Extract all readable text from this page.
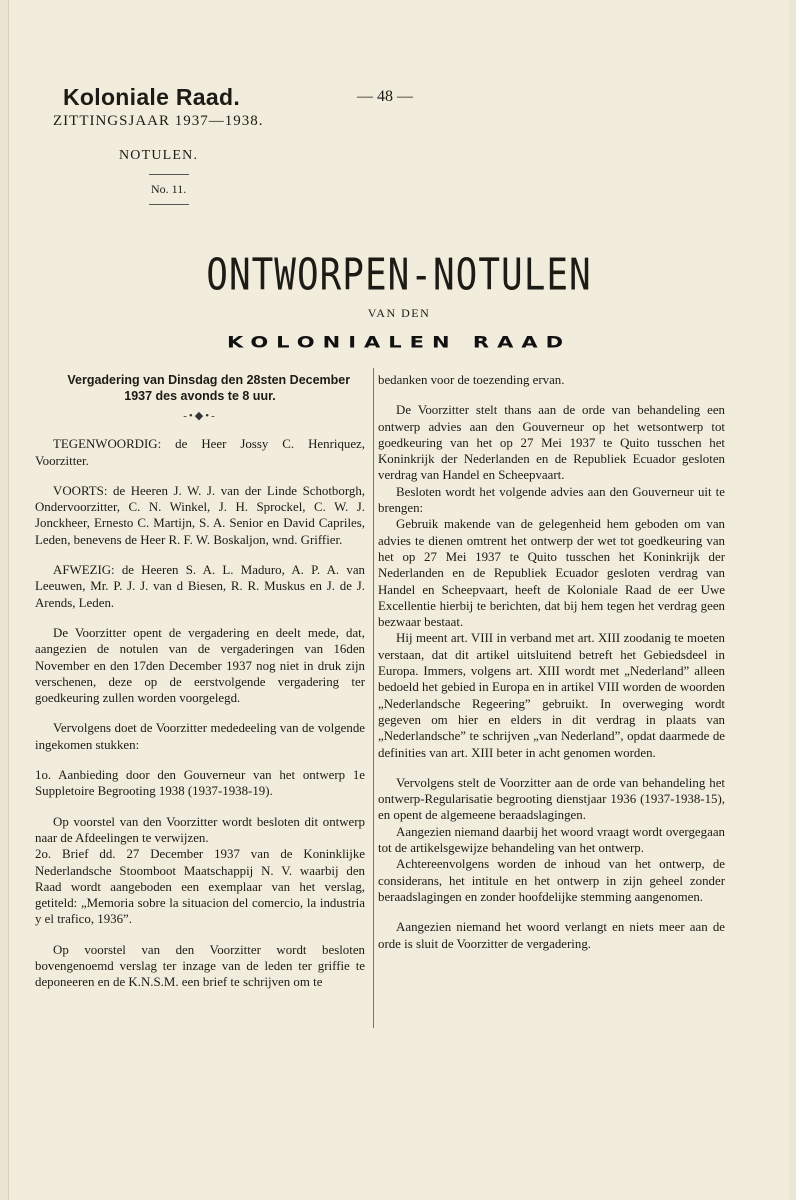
Koloniale Raad.	— 48 —
ZITTINGSJAAR 1937—1938.
NOTULEN.
No. 11.
ONTWORPEN-NOTULEN
VAN DEN
KOLONIALEN RAAD

Vergadering van Dinsdag den 28sten December 1937 des avonds te 8 uur.

-•◆•-

TEGENWOORDIG: de Heer Jossy C. Henriquez, Voorzitter.

VOORTS: de Heeren J. W. J. van der Linde Schotborgh, Ondervoorzitter, C. N. Winkel, J. H. Sprockel, C. W. J. Jonckheer, Ernesto C. Martijn, S. A. Senior en David Capriles, Leden, benevens de Heer R. F. W. Boskaljon, wnd. Griffier.

AFWEZIG: de Heeren S. A. L. Maduro, A. P. A. van Leeuwen, Mr. P. J. J. van d Biesen, R. R. Muskus en J. de J. Arends, Leden.

De Voorzitter opent de vergadering en deelt mede, dat, aangezien de notulen van de vergaderingen van 16den November en den 17den December 1937 nog niet in druk zijn verschenen, deze op de eerstvolgende vergadering ter goedkeuring zullen worden voorgelegd.

Vervolgens doet de Voorzitter mededeeling van de volgende ingekomen stukken:

1o. Aanbieding door den Gouverneur van het ontwerp 1e Suppletoire Begrooting 1938 (1937-1938-19).

Op voorstel van den Voorzitter wordt besloten dit ontwerp naar de Afdeelingen te verwijzen.

2o. Brief dd. 27 December 1937 van de Koninklijke Nederlandsche Stoomboot Maatschappij N. V. waarbij den Raad wordt aangeboden een exemplaar van het verslag, getiteld: „Memoria sobre la situacion del comercio, la industria y el trafico, 1936”.

Op voorstel van den Voorzitter wordt besloten bovengenoemd verslag ter inzage van de leden ter griffie te deponeeren en de K.N.S.M. een brief te schrijven om te

bedanken voor de toezending ervan.

De Voorzitter stelt thans aan de orde van behandeling een ontwerp advies aan den Gouverneur op het wetsontwerp tot goedkeuring van het op 27 Mei 1937 te Quito tusschen het Koninkrijk der Nederlanden en de Republiek Ecuador gesloten verdrag van Handel en Scheepvaart.

Besloten wordt het volgende advies aan den Gouverneur uit te brengen:

Gebruik makende van de gelegenheid hem geboden om van advies te dienen omtrent het ontwerp der wet tot goedkeuring van het op 27 Mei 1937 te Quito tusschen het Koninkrijk der Nederlanden en de Republiek Ecuador gesloten verdrag van Handel en Scheepvaart, heeft de Koloniale Raad de eer Uwe Excellentie hierbij te berichten, dat bij hem tegen het verdrag geen bezwaar bestaat.

Hij meent art. VIII in verband met art. XIII zoodanig te moeten verstaan, dat dit artikel uitsluitend betreft het Gebiedsdeel in Europa. Immers, volgens art. XIII wordt met „Nederland” alleen bedoeld het gebied in Europa en in artikel VIII worden de woorden „Nederlandsche Regeering” gebruikt. In overweging wordt gegeven om hier en elders in dit verdrag in plaats van „Nederlandsche” te schrijven „van Nederland”, opdat daarmede de definities van art. XIII beter in acht genomen worden.

Vervolgens stelt de Voorzitter aan de orde van behandeling het ontwerp-Regularisatie begrooting dienstjaar 1936 (1937-1938-15), en opent de algemeene beraadslagingen.

Aangezien niemand daarbij het woord vraagt wordt overgegaan tot de artikelsgewijze behandeling van het ontwerp.

Achtereenvolgens worden de inhoud van het ontwerp, de considerans, het intitule en het ontwerp in zijn geheel zonder beraadslagingen en zonder hoofdelijke stemming aangenomen.

Aangezien niemand het woord verlangt en niets meer aan de orde is sluit de Voorzitter de vergadering.
